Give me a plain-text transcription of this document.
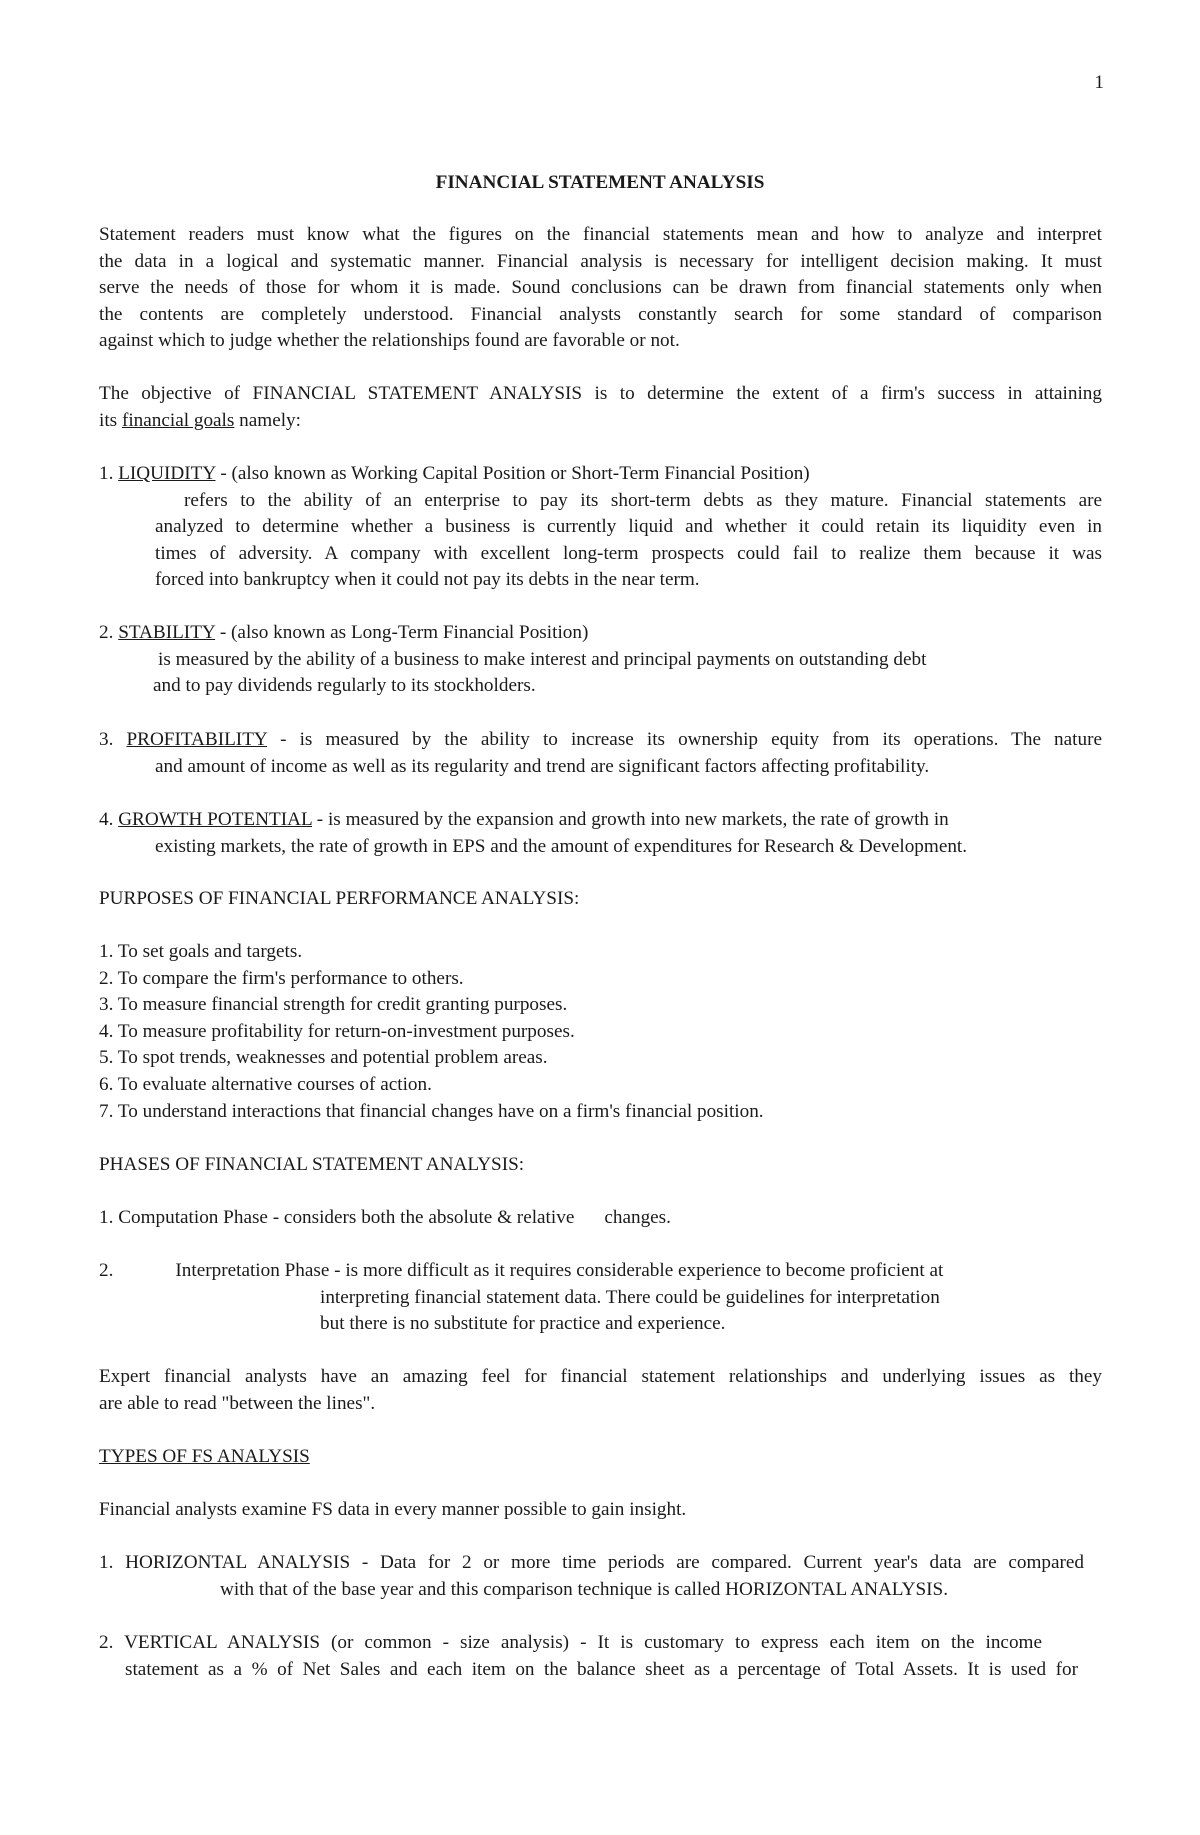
1
FINANCIAL STATEMENT ANALYSIS
Statement readers must know what the figures on the financial statements mean and how to analyze and interpret
the data in a logical and systematic manner. Financial analysis is necessary for intelligent decision making. It must
serve the needs of those for whom it is made. Sound conclusions can be drawn from financial statements only when
the contents are completely understood. Financial analysts constantly search for some standard of comparison
against which to judge whether the relationships found are favorable or not.
The objective of FINANCIAL STATEMENT ANALYSIS is to determine the extent of a firm's success in attaining
its financial goals namely:
1. LIQUIDITY - (also known as Working Capital Position or Short-Term Financial Position)
refers to the ability of an enterprise to pay its short-term debts as they mature. Financial statements are
analyzed to determine whether a business is currently liquid and whether it could retain its liquidity even in
times of adversity. A company with excellent long-term prospects could fail to realize them because it was
forced into bankruptcy when it could not pay its debts in the near term.
2. STABILITY - (also known as Long-Term Financial Position)
is measured by the ability of a business to make interest and principal payments on outstanding debt
and to pay dividends regularly to its stockholders.
3. PROFITABILITY - is measured by the ability to increase its ownership equity from its operations. The nature
and amount of income as well as its regularity and trend are significant factors affecting profitability.
4. GROWTH POTENTIAL - is measured by the expansion and growth into new markets, the rate of growth in
existing markets, the rate of growth in EPS and the amount of expenditures for Research & Development.
PURPOSES OF FINANCIAL PERFORMANCE ANALYSIS:
1. To set goals and targets.
2. To compare the firm's performance to others.
3. To measure financial strength for credit granting purposes.
4. To measure profitability for return-on-investment purposes.
5. To spot trends, weaknesses and potential problem areas.
6. To evaluate alternative courses of action.
7. To understand interactions that financial changes have on a firm's financial position.
PHASES OF FINANCIAL STATEMENT ANALYSIS:
1. Computation Phase - considers both the absolute & relative changes.
2.	Interpretation Phase - is more difficult as it requires considerable experience to become proficient at
interpreting financial statement data. There could be guidelines for interpretation
but there is no substitute for practice and experience.
Expert financial analysts have an amazing feel for financial statement relationships and underlying issues as they
are able to read "between the lines".
TYPES OF FS ANALYSIS
Financial analysts examine FS data in every manner possible to gain insight.
1. HORIZONTAL ANALYSIS - Data for 2 or more time periods are compared. Current year's data are compared
with that of the base year and this comparison technique is called HORIZONTAL ANALYSIS.
2. VERTICAL ANALYSIS (or common - size analysis) - It is customary to express each item on the income
statement as a % of Net Sales and each item on the balance sheet as a percentage of Total Assets. It is used for
